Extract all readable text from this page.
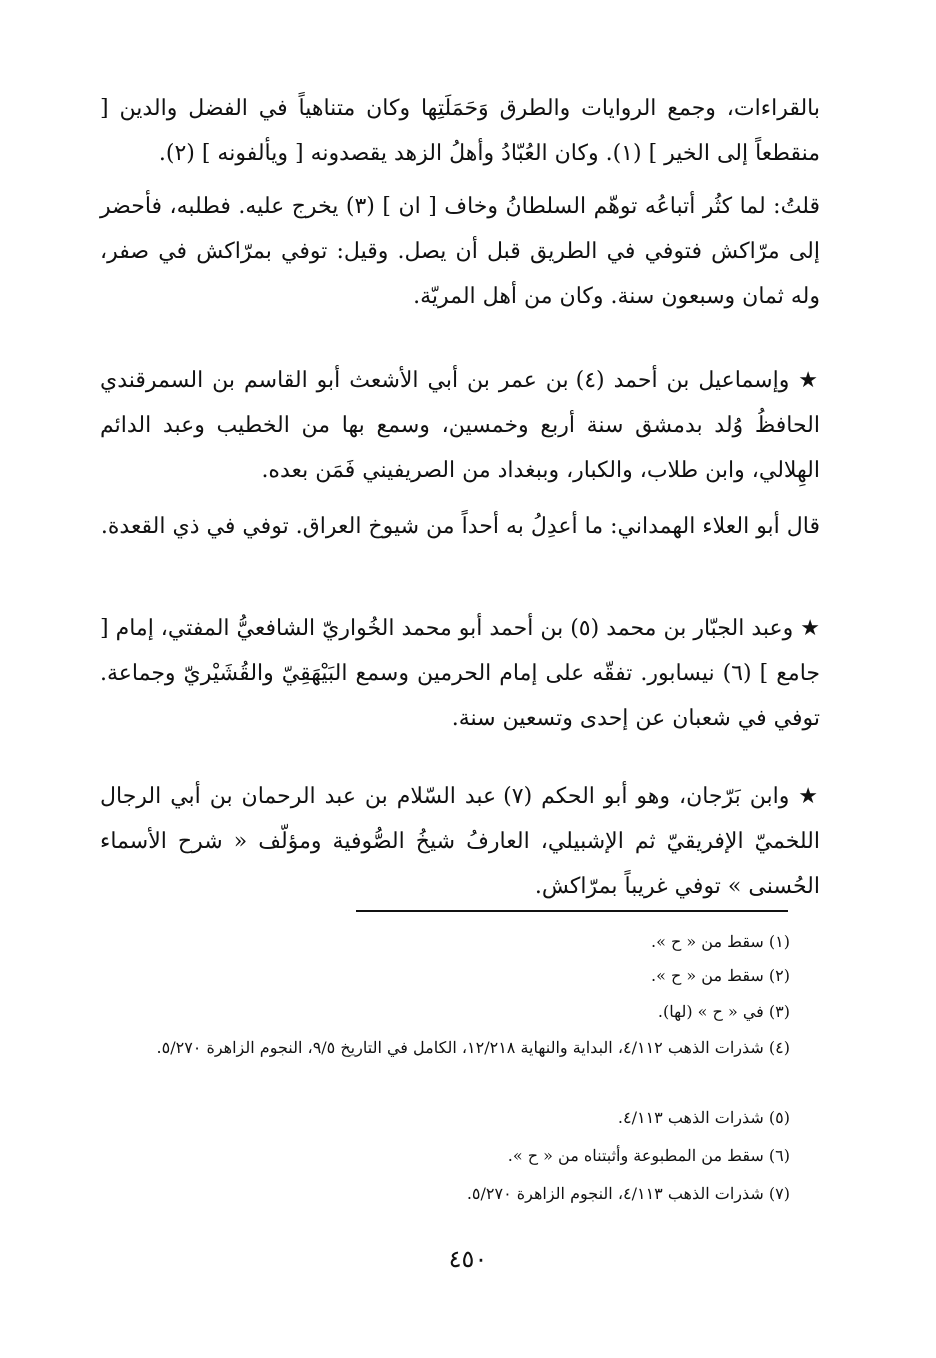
بالقراءات، وجمع الروايات والطرق وَحَمَلَتِها وكان متناهياً في الفضل والدين [ منقطعاً إلى الخير ] (١). وكان العُبّادُ وأهلُ الزهد يقصدونه [ ويألفونه ] (٢).

قلتُ: لما كثُر أتباعُه توهّم السلطانُ وخاف [ ان ] (٣) يخرج عليه. فطلبه، فأحضر إلى مرّاكش فتوفي في الطريق قبل أن يصل. وقيل: توفي بمرّاكش في صفر، وله ثمان وسبعون سنة. وكان من أهل المريّة.

★ وإسماعيل بن أحمد (٤) بن عمر بن أبي الأشعث أبو القاسم بن السمرقندي الحافظُ وُلد بدمشق سنة أربع وخمسين، وسمع بها من الخطيب وعبد الدائم الهِلالي، وابن طلاب، والكبار، وببغداد من الصريفيني فَمَن بعده.

قال أبو العلاء الهمداني: ما أعدِلُ به أحداً من شيوخ العراق. توفي في ذي القعدة.

★ وعبد الجبّار بن محمد (٥) بن أحمد أبو محمد الخُواريّ الشافعيُّ المفتي، إمام [ جامع ] (٦) نيسابور. تفقّه على إمام الحرمين وسمع البَيْهَقِيّ والقُشَيْريّ وجماعة. توفي في شعبان عن إحدى وتسعين سنة.

★ وابن بَرّجان، وهو أبو الحكم (٧) عبد السّلام بن عبد الرحمان بن أبي الرجال اللخميّ الإفريقيّ ثم الإشبيلي، العارفُ شيخُ الصُّوفية ومؤلّف « شرح الأسماء الحُسنى » توفي غريباً بمرّاكش.

(١) سقط من « ح ».

(٢) سقط من « ح ».

(٣) في « ح » (لها).

(٤) شذرات الذهب ٤/١١٢، البداية والنهاية ١٢/٢١٨، الكامل في التاريخ ٩/٥، النجوم الزاهرة ٥/٢٧٠.

(٥) شذرات الذهب ٤/١١٣.

(٦) سقط من المطبوعة وأثبتناه من « ح ».

(٧) شذرات الذهب ٤/١١٣، النجوم الزاهرة ٥/٢٧٠.

٤٥٠
